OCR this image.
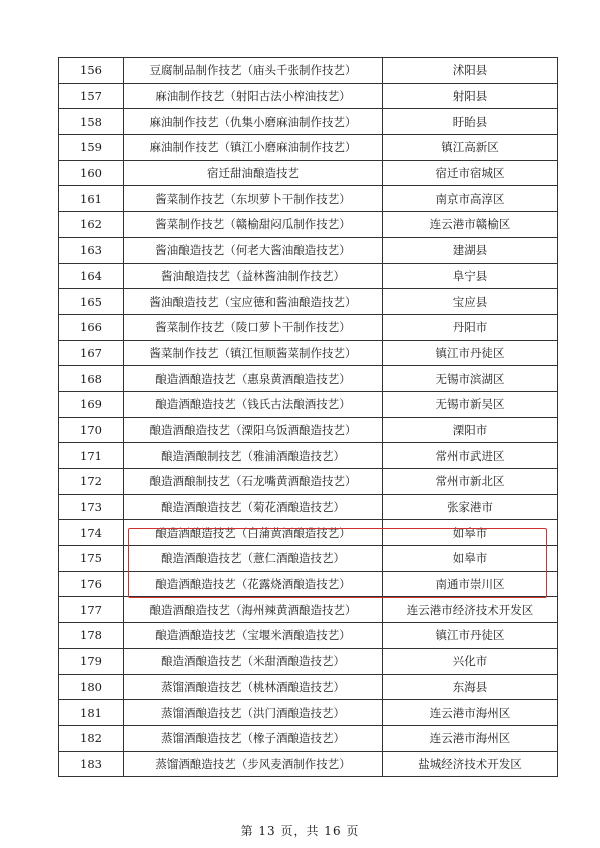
156	豆腐制品制作技艺（庙头千张制作技艺）	沭阳县
157	麻油制作技艺（射阳古法小榨油技艺）	射阳县
158	麻油制作技艺（仇集小磨麻油制作技艺）	盱眙县
159	麻油制作技艺（镇江小磨麻油制作技艺）	镇江高新区
160	宿迁甜油酿造技艺	宿迁市宿城区
161	酱菜制作技艺（东坝萝卜干制作技艺）	南京市高淳区
162	酱菜制作技艺（赣榆甜闷瓜制作技艺）	连云港市赣榆区
163	酱油酿造技艺（何老大酱油酿造技艺）	建湖县
164	酱油酿造技艺（益林酱油制作技艺）	阜宁县
165	酱油酿造技艺（宝应德和酱油酿造技艺）	宝应县
166	酱菜制作技艺（陵口萝卜干制作技艺）	丹阳市
167	酱菜制作技艺（镇江恒顺酱菜制作技艺）	镇江市丹徒区
168	酿造酒酿造技艺（惠泉黄酒酿造技艺）	无锡市滨湖区
169	酿造酒酿造技艺（钱氏古法酿酒技艺）	无锡市新吴区
170	酿造酒酿造技艺（溧阳乌饭酒酿造技艺）	溧阳市
171	酿造酒酿制技艺（雅浦酒酿造技艺）	常州市武进区
172	酿造酒酿制技艺（石龙嘴黄酒酿造技艺）	常州市新北区
173	酿造酒酿造技艺（菊花酒酿造技艺）	张家港市
174	酿造酒酿造技艺（白蒲黄酒酿造技艺）	如皋市
175	酿造酒酿造技艺（薏仁酒酿造技艺）	如皋市
176	酿造酒酿造技艺（花露烧酒酿造技艺）	南通市崇川区
177	酿造酒酿造技艺（海州辣黄酒酿造技艺）	连云港市经济技术开发区
178	酿造酒酿造技艺（宝堰米酒酿造技艺）	镇江市丹徒区
179	酿造酒酿造技艺（米甜酒酿造技艺）	兴化市
180	蒸馏酒酿造技艺（桃林酒酿造技艺）	东海县
181	蒸馏酒酿造技艺（洪门酒酿造技艺）	连云港市海州区
182	蒸馏酒酿造技艺（橡子酒酿造技艺）	连云港市海州区
183	蒸馏酒酿造技艺（步风麦酒制作技艺）	盐城经济技术开发区
第 13 页，共 16 页
